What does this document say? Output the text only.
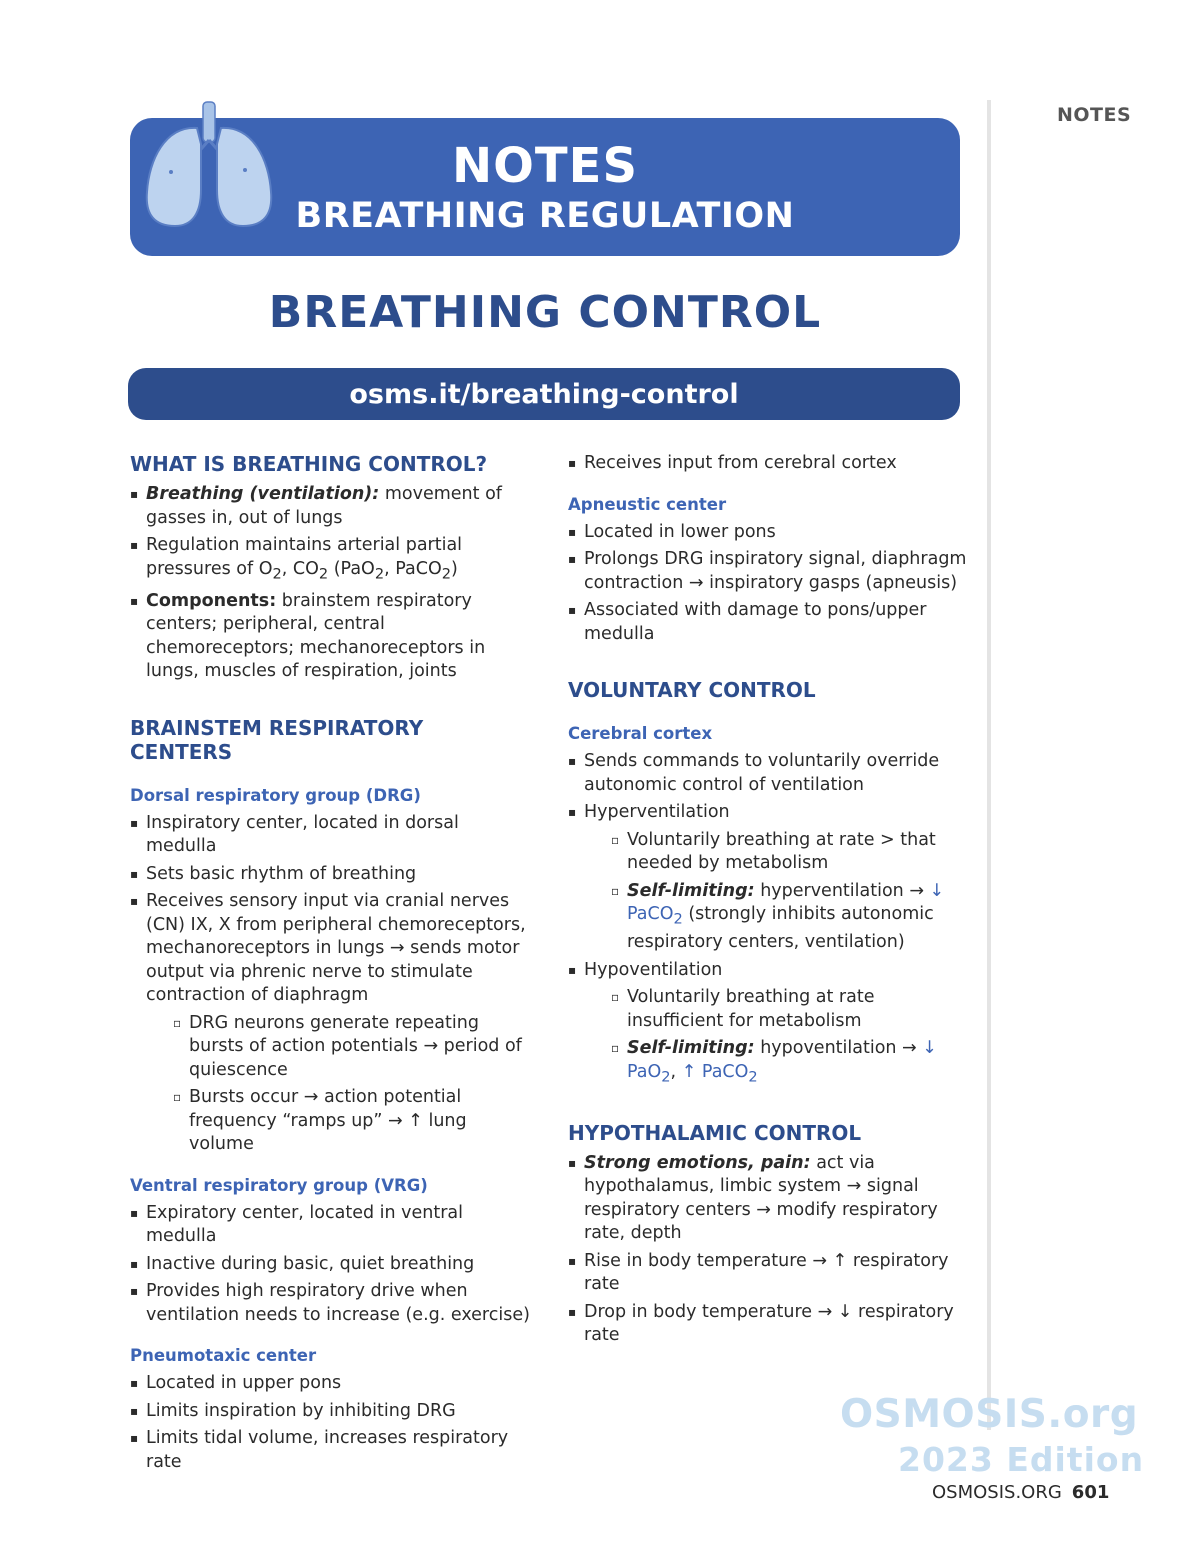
NOTES
NOTES
BREATHING REGULATION
BREATHING CONTROL
osms.it/breathing-control
WHAT IS BREATHING CONTROL?
▪ Breathing (ventilation): movement of gasses in, out of lungs
▪ Regulation maintains arterial partial pressures of $O_2$, $CO_2$ (PaO$_2$, PaCO$_2$)
▪ Components: brainstem respiratory centers; peripheral, central chemoreceptors; mechanoreceptors in lungs, muscles of respiration, joints
BRAINSTEM RESPIRATORY CENTERS
Dorsal respiratory group (DRG)
▪ Inspiratory center, located in dorsal medulla
▪ Sets basic rhythm of breathing
▪ Receives sensory input via cranial nerves (CN) IX, X from peripheral chemoreceptors, mechanoreceptors in lungs → sends motor output via phrenic nerve to stimulate contraction of diaphragm
▫ DRG neurons generate repeating bursts of action potentials → period of quiescence
▫ Bursts occur → action potential frequency “ramps up” → ↑ lung volume
Ventral respiratory group (VRG)
▪ Expiratory center, located in ventral medulla
▪ Inactive during basic, quiet breathing
▪ Provides high respiratory drive when ventilation needs to increase (e.g. exercise)
Pneumotaxic center
▪ Located in upper pons
▪ Limits inspiration by inhibiting DRG
▪ Limits tidal volume, increases respiratory rate
▪ Receives input from cerebral cortex
Apneustic center
▪ Located in lower pons
▪ Prolongs DRG inspiratory signal, diaphragm contraction → inspiratory gasps (apneusis)
▪ Associated with damage to pons/upper medulla
VOLUNTARY CONTROL
Cerebral cortex
▪ Sends commands to voluntarily override autonomic control of ventilation
▪ Hyperventilation
▫ Voluntarily breathing at rate > that needed by metabolism
▫ Self-limiting: hyperventilation → ↓ PaCO$_2$ (strongly inhibits autonomic respiratory centers, ventilation)
▪ Hypoventilation
▫ Voluntarily breathing at rate insufficient for metabolism
▫ Self-limiting: hypoventilation → ↓ PaO$_2$, ↑ PaCO$_2$
HYPOTHALAMIC CONTROL
▪ Strong emotions, pain: act via hypothalamus, limbic system → signal respiratory centers → modify respiratory rate, depth
▪ Rise in body temperature → ↑ respiratory rate
▪ Drop in body temperature → ↓ respiratory rate
OSMOSIS.org
2023 Edition
OSMOSIS.ORG 601
